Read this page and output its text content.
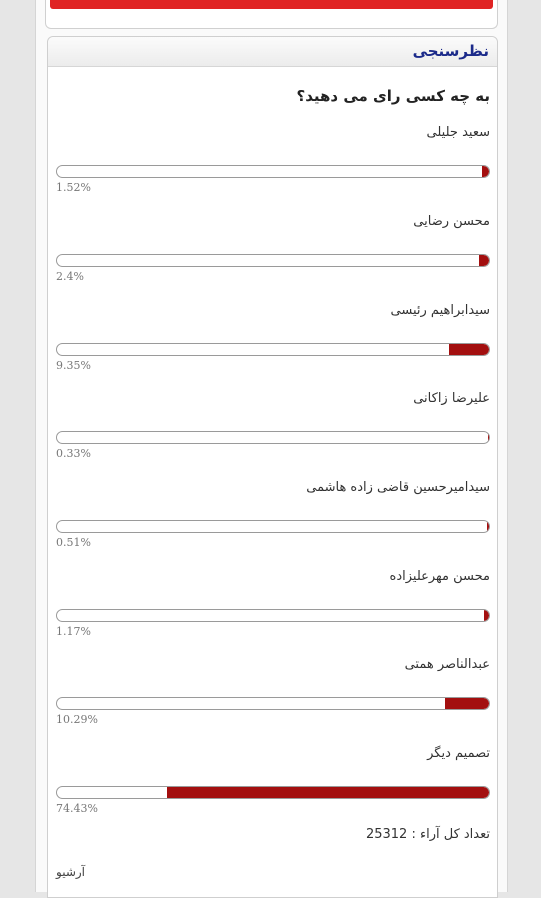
نظرسنجی
به چه کسی رای می دهید؟
سعید جلیلی
1.52%
محسن رضایی
2.4%
سیدابراهیم رئیسی
9.35%
علیرضا زاکانی
0.33%
سیدامیرحسین قاضی زاده هاشمی
0.51%
محسن مهرعلیزاده
1.17%
عبدالناصر همتی
10.29%
تصمیم دیگر
74.43%
تعداد کل آراء : 25312
آرشیو
